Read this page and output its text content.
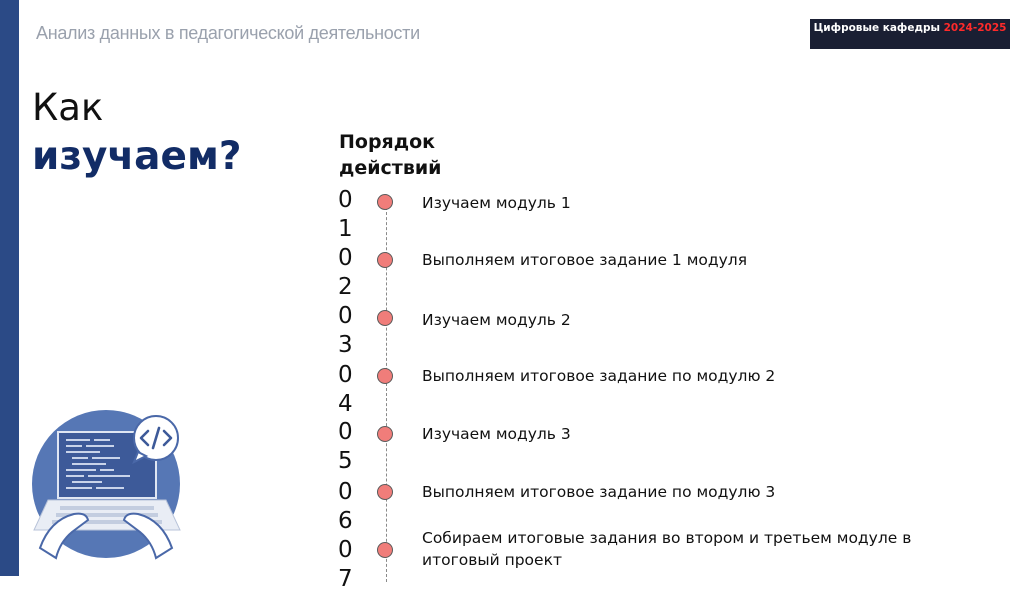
Анализ данных в педагогической деятельности	Цифровые кафедры 2024-2025
Как
изучаем?	Порядок действий
01
Изучаем модуль 1
02
Выполняем итоговое задание 1 модуля
03
Изучаем модуль 2
04
Выполняем итоговое задание по модулю 2
05
Изучаем модуль 3
06
Выполняем итоговое задание по модулю 3
07
Собираем итоговые задания во втором и третьем модуле в итоговый проект
